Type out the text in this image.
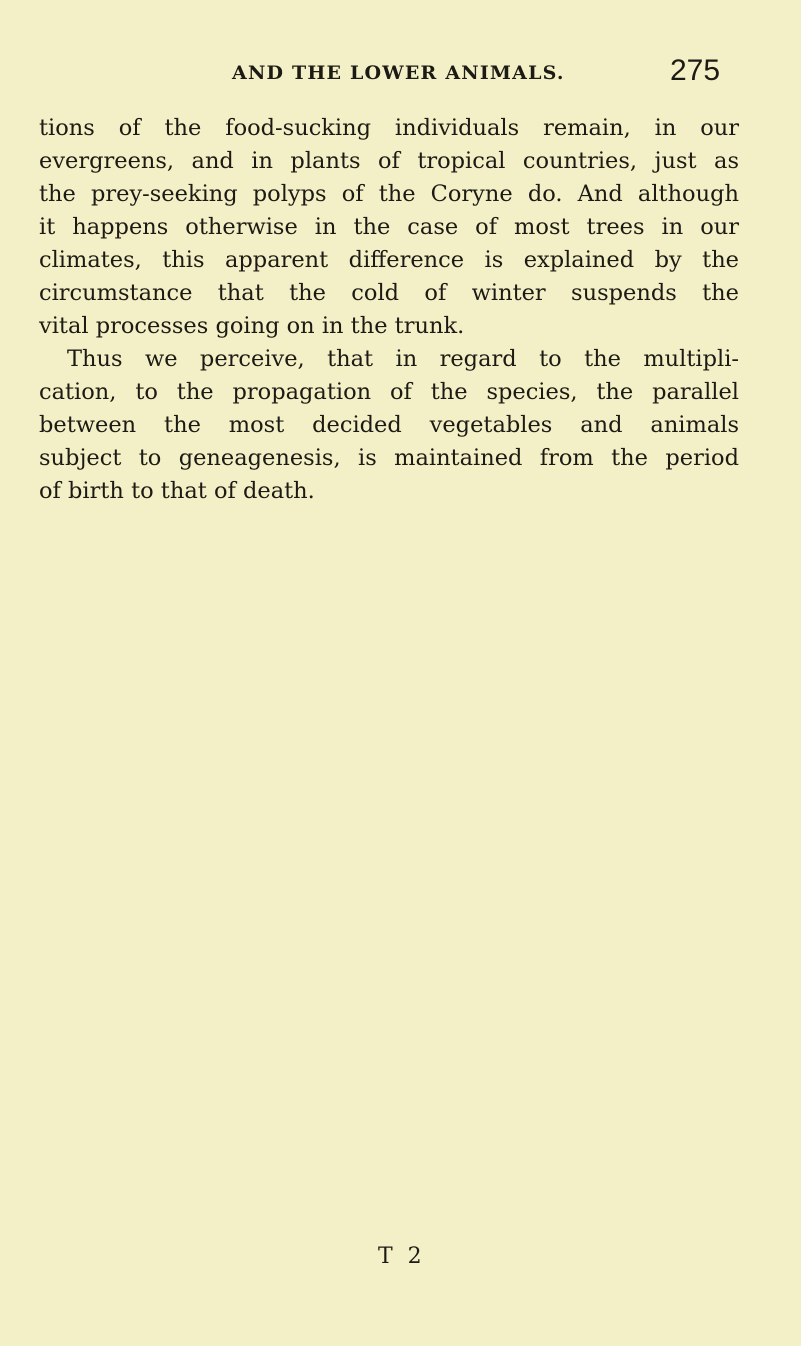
AND THE LOWER ANIMALS.	275
tions of the food-sucking individuals remain, in our
evergreens, and in plants of tropical countries, just as
the prey-seeking polyps of the Coryne do. And although
it happens otherwise in the case of most trees in our
climates, this apparent difference is explained by the
circumstance that the cold of winter suspends the
vital processes going on in the trunk.
Thus we perceive, that in regard to the multipli-
cation, to the propagation of the species, the parallel
between the most decided vegetables and animals
subject to geneagenesis, is maintained from the period
of birth to that of death.
T 2
